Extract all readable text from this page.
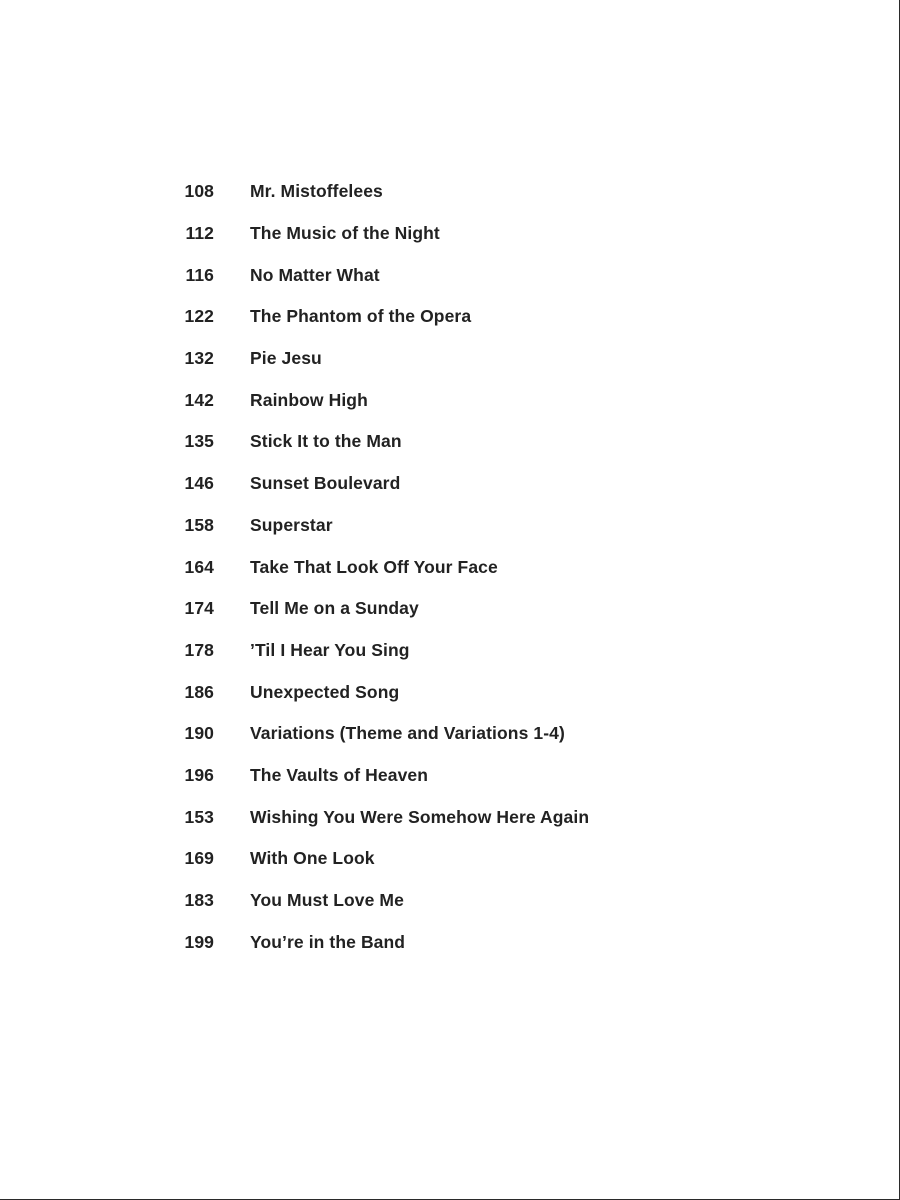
108 Mr. Mistoffelees
112 The Music of the Night
116 No Matter What
122 The Phantom of the Opera
132 Pie Jesu
142 Rainbow High
135 Stick It to the Man
146 Sunset Boulevard
158 Superstar
164 Take That Look Off Your Face
174 Tell Me on a Sunday
178 ’Til I Hear You Sing
186 Unexpected Song
190 Variations (Theme and Variations 1-4)
196 The Vaults of Heaven
153 Wishing You Were Somehow Here Again
169 With One Look
183 You Must Love Me
199 You’re in the Band
